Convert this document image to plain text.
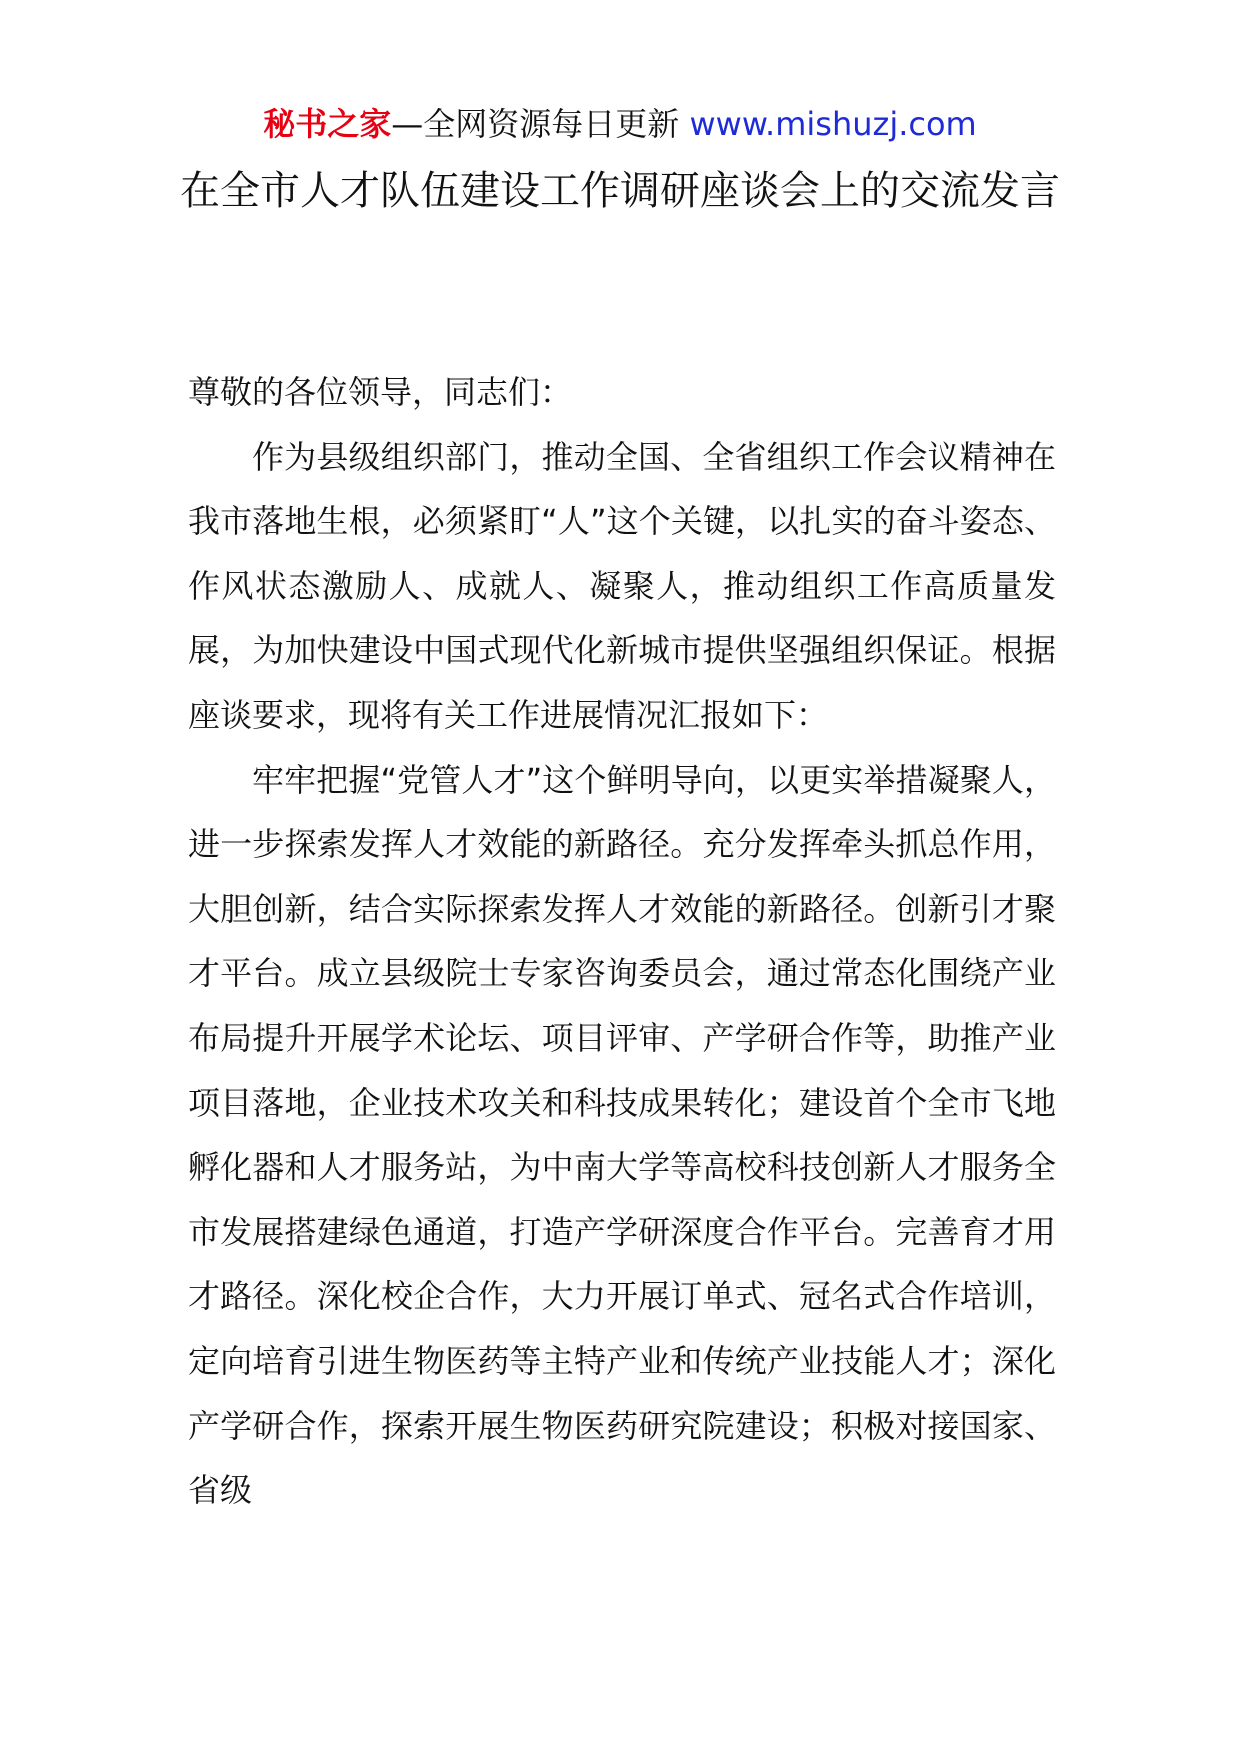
秘书之家—全网资源每日更新 www.mishuzj.com
在全市人才队伍建设工作调研座谈会上的交流发言

尊敬的各位领导，同志们：

作为县级组织部门，推动全国、全省组织工作会议精神在我市落地生根，必须紧盯“人”这个关键，以扎实的奋斗姿态、作风状态激励人、成就人、凝聚人，推动组织工作高质量发展，为加快建设中国式现代化新城市提供坚强组织保证。根据座谈要求，现将有关工作进展情况汇报如下：

牢牢把握“党管人才”这个鲜明导向，以更实举措凝聚人，进一步探索发挥人才效能的新路径。充分发挥牵头抓总作用，大胆创新，结合实际探索发挥人才效能的新路径。创新引才聚才平台。成立县级院士专家咨询委员会，通过常态化围绕产业布局提升开展学术论坛、项目评审、产学研合作等，助推产业项目落地，企业技术攻关和科技成果转化；建设首个全市飞地孵化器和人才服务站，为中南大学等高校科技创新人才服务全市发展搭建绿色通道，打造产学研深度合作平台。完善育才用才路径。深化校企合作，大力开展订单式、冠名式合作培训，定向培育引进生物医药等主特产业和传统产业技能人才；深化产学研合作，探索开展生物医药研究院建设；积极对接国家、省级
